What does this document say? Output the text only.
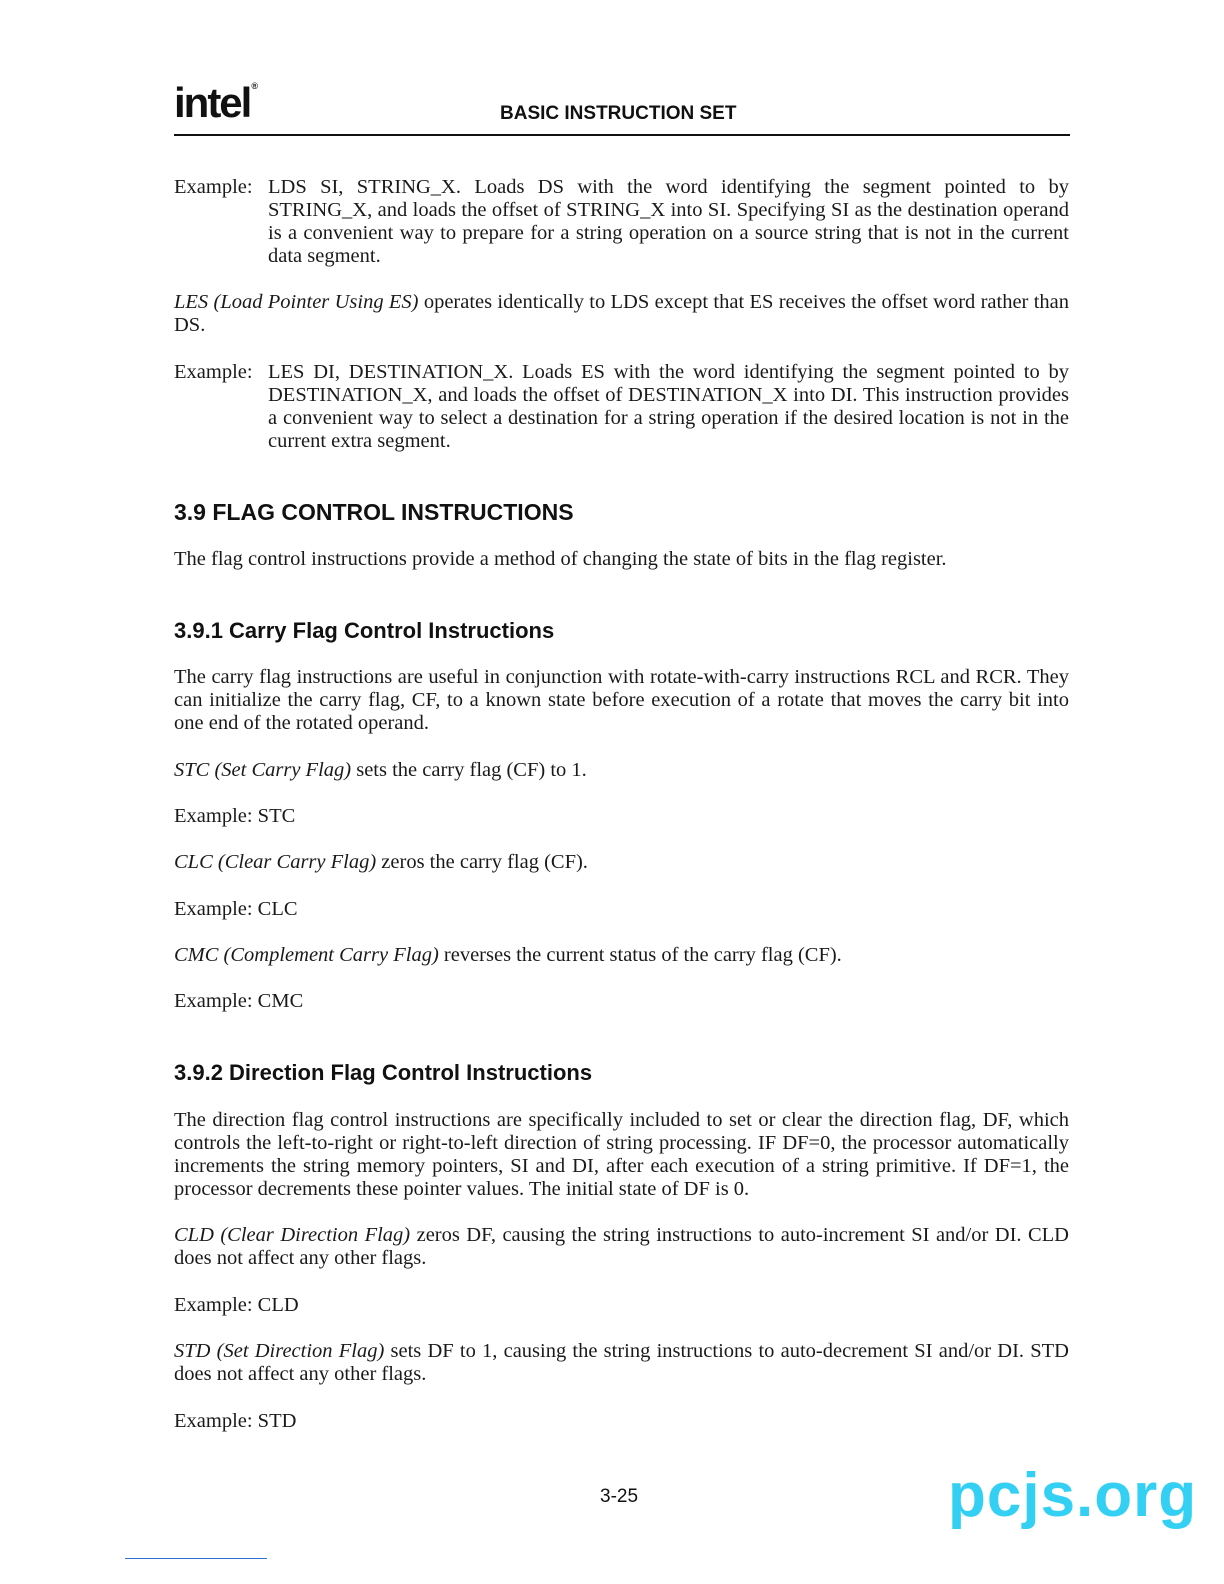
intel®
BASIC INSTRUCTION SET
Example: LDS SI, STRING_X. Loads DS with the word identifying the segment pointed to by STRING_X, and loads the offset of STRING_X into SI. Specifying SI as the destination operand is a convenient way to prepare for a string operation on a source string that is not in the current data segment.
LES (Load Pointer Using ES) operates identically to LDS except that ES receives the offset word rather than DS.
Example: LES DI, DESTINATION_X. Loads ES with the word identifying the segment pointed to by DESTINATION_X, and loads the offset of DESTINATION_X into DI. This instruction provides a convenient way to select a destination for a string operation if the desired location is not in the current extra segment.
3.9 FLAG CONTROL INSTRUCTIONS
The flag control instructions provide a method of changing the state of bits in the flag register.
3.9.1 Carry Flag Control Instructions
The carry flag instructions are useful in conjunction with rotate-with-carry instructions RCL and RCR. They can initialize the carry flag, CF, to a known state before execution of a rotate that moves the carry bit into one end of the rotated operand.
STC (Set Carry Flag) sets the carry flag (CF) to 1.
Example: STC
CLC (Clear Carry Flag) zeros the carry flag (CF).
Example: CLC
CMC (Complement Carry Flag) reverses the current status of the carry flag (CF).
Example: CMC
3.9.2 Direction Flag Control Instructions
The direction flag control instructions are specifically included to set or clear the direction flag, DF, which controls the left-to-right or right-to-left direction of string processing. IF DF=0, the processor automatically increments the string memory pointers, SI and DI, after each execution of a string primitive. If DF=1, the processor decrements these pointer values. The initial state of DF is 0.
CLD (Clear Direction Flag) zeros DF, causing the string instructions to auto-increment SI and/or DI. CLD does not affect any other flags.
Example: CLD
STD (Set Direction Flag) sets DF to 1, causing the string instructions to auto-decrement SI and/or DI. STD does not affect any other flags.
Example: STD
3-25	pcjs.org
